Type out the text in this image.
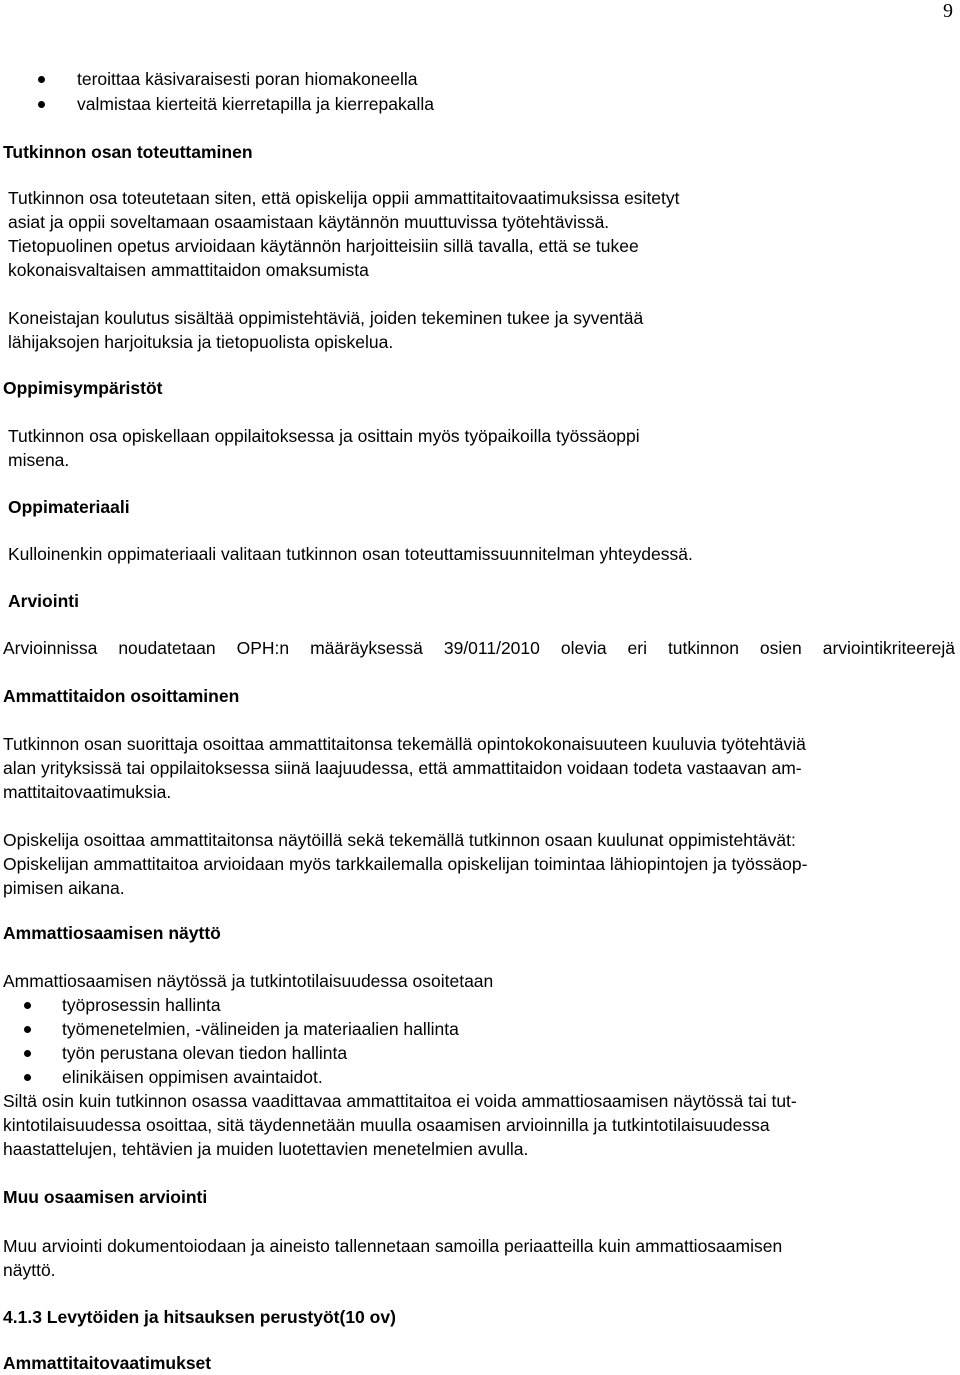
9
teroittaa käsivaraisesti poran hiomakoneella
valmistaa kierteitä kierretapilla ja kierrepakalla
Tutkinnon osan toteuttaminen
Tutkinnon osa toteutetaan siten, että opiskelija oppii ammattitaitovaatimuksissa esitetyt
asiat ja oppii soveltamaan osaamistaan käytännön muuttuvissa työtehtävissä.
Tietopuolinen opetus arvioidaan käytännön harjoitteisiin sillä tavalla, että se tukee
kokonaisvaltaisen ammattitaidon omaksumista
Koneistajan koulutus sisältää oppimistehtäviä, joiden tekeminen tukee ja syventää
lähijaksojen harjoituksia ja tietopuolista opiskelua.
Oppimisympäristöt
Tutkinnon osa opiskellaan oppilaitoksessa ja osittain myös työpaikoilla työssäoppi
misena.
Oppimateriaali
Kulloinenkin oppimateriaali valitaan tutkinnon osan toteuttamissuunnitelman yhteydessä.
Arviointi
Arvioinnissa noudatetaan OPH:n määräyksessä 39/011/2010 olevia eri tutkinnon osien arviointikriteerejä
Ammattitaidon osoittaminen
Tutkinnon osan suorittaja osoittaa ammattitaitonsa tekemällä opintokokonaisuuteen kuuluvia työtehtäviä
alan yrityksissä tai oppilaitoksessa siinä laajuudessa, että ammattitaidon voidaan todeta vastaavan am-
mattitaitovaatimuksia.
Opiskelija osoittaa ammattitaitonsa näytöillä sekä tekemällä tutkinnon osaan kuulunat oppimistehtävät:
Opiskelijan ammattitaitoa arvioidaan myös tarkkailemalla opiskelijan toimintaa lähiopintojen ja työssäop-
pimisen aikana.
Ammattiosaamisen näyttö
Ammattiosaamisen näytössä ja tutkintotilaisuudessa osoitetaan
työprosessin hallinta
työmenetelmien, -välineiden ja materiaalien hallinta
työn perustana olevan tiedon hallinta
elinikäisen oppimisen avaintaidot.
Siltä osin kuin tutkinnon osassa vaadittavaa ammattitaitoa ei voida ammattiosaamisen näytössä tai tut-
kintotilaisuudessa osoittaa, sitä täydennetään muulla osaamisen arvioinnilla ja tutkintotilaisuudessa
haastattelujen, tehtävien ja muiden luotettavien menetelmien avulla.
Muu osaamisen arviointi
Muu arviointi dokumentoiodaan ja aineisto tallennetaan samoilla periaatteilla kuin ammattiosaamisen
näyttö.
4.1.3 Levytöiden ja hitsauksen perustyöt(10 ov)
Ammattitaitovaatimukset
